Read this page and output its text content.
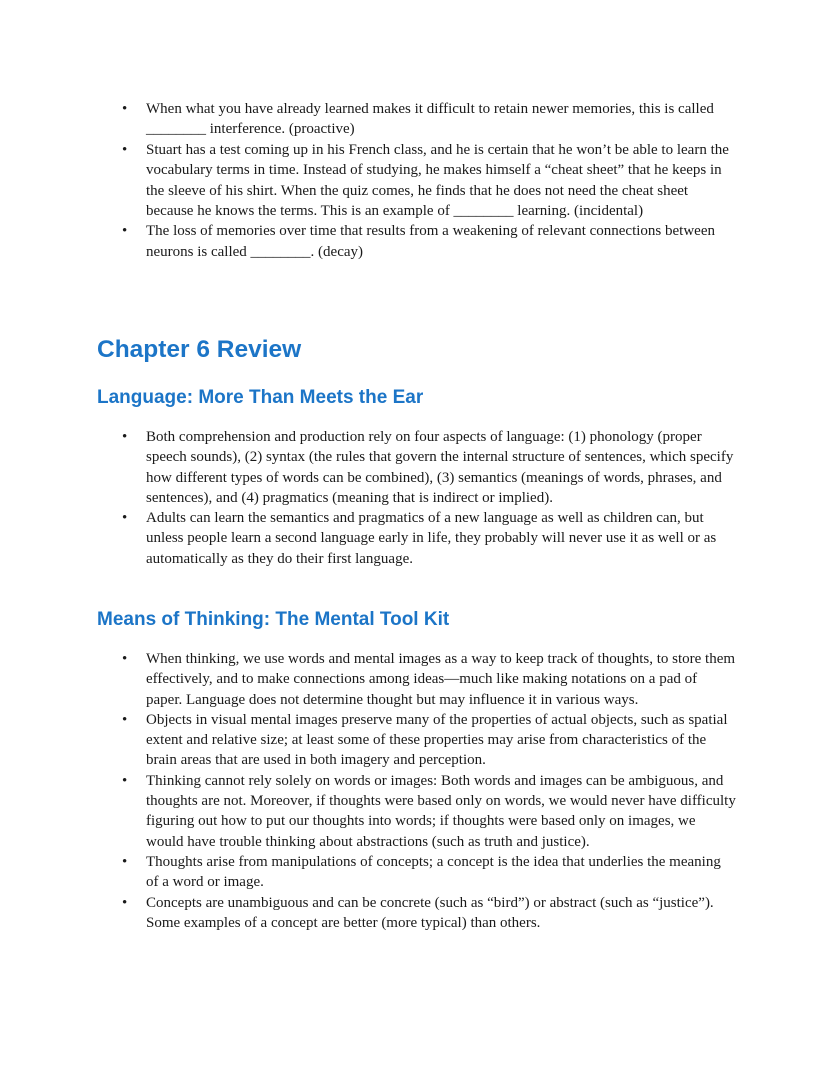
• When what you have already learned makes it difficult to retain newer memories, this is called ________ interference. (proactive)
• Stuart has a test coming up in his French class, and he is certain that he won’t be able to learn the vocabulary terms in time. Instead of studying, he makes himself a “cheat sheet” that he keeps in the sleeve of his shirt. When the quiz comes, he finds that he does not need the cheat sheet because he knows the terms. This is an example of ________ learning. (incidental)
• The loss of memories over time that results from a weakening of relevant connections between neurons is called ________. (decay)
Chapter 6 Review
Language: More Than Meets the Ear
• Both comprehension and production rely on four aspects of language: (1) phonology (proper speech sounds), (2) syntax (the rules that govern the internal structure of sentences, which specify how different types of words can be combined), (3) semantics (meanings of words, phrases, and sentences), and (4) pragmatics (meaning that is indirect or implied).
• Adults can learn the semantics and pragmatics of a new language as well as children can, but unless people learn a second language early in life, they probably will never use it as well or as automatically as they do their first language.
Means of Thinking: The Mental Tool Kit
• When thinking, we use words and mental images as a way to keep track of thoughts, to store them effectively, and to make connections among ideas—much like making notations on a pad of paper. Language does not determine thought but may influence it in various ways.
• Objects in visual mental images preserve many of the properties of actual objects, such as spatial extent and relative size; at least some of these properties may arise from characteristics of the brain areas that are used in both imagery and perception.
• Thinking cannot rely solely on words or images: Both words and images can be ambiguous, and thoughts are not. Moreover, if thoughts were based only on words, we would never have difficulty figuring out how to put our thoughts into words; if thoughts were based only on images, we would have trouble thinking about abstractions (such as truth and justice).
• Thoughts arise from manipulations of concepts; a concept is the idea that underlies the meaning of a word or image.
• Concepts are unambiguous and can be concrete (such as “bird”) or abstract (such as “justice”). Some examples of a concept are better (more typical) than others.
